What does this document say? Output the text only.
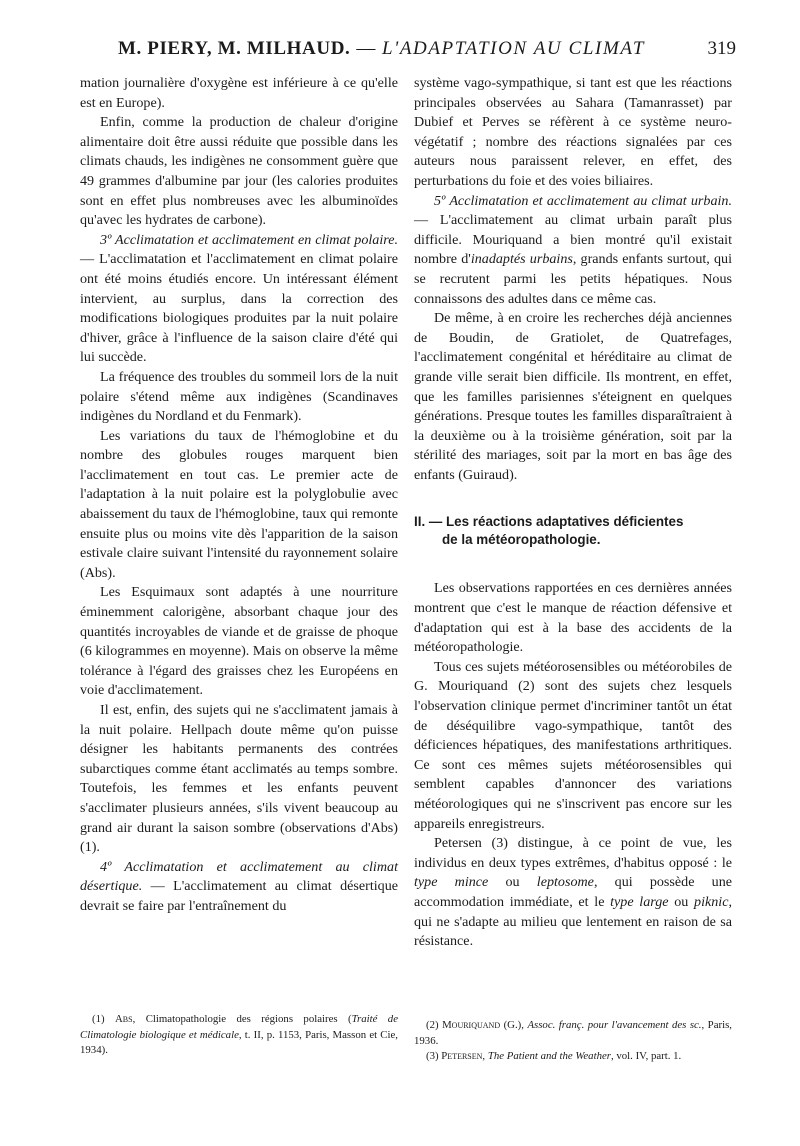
M. PIERY, M. MILHAUD. — L'ADAPTATION AU CLIMAT	319

mation journalière d'oxygène est inférieure à ce qu'elle est en Europe).

Enfin, comme la production de chaleur d'origine alimentaire doit être aussi réduite que possible dans les climats chauds, les indigènes ne consomment guère que 49 grammes d'albumine par jour (les calories produites sont en effet plus nombreuses avec les albuminoïdes qu'avec les hydrates de carbone).

3º Acclimatation et acclimatement en climat polaire. — L'acclimatation et l'acclimatement en climat polaire ont été moins étudiés encore. Un intéressant élément intervient, au surplus, dans la correction des modifications biologiques produites par la nuit polaire d'hiver, grâce à l'influence de la saison claire d'été qui lui succède.

La fréquence des troubles du sommeil lors de la nuit polaire s'étend même aux indigènes (Scandinaves indigènes du Nordland et du Fenmark).

Les variations du taux de l'hémoglobine et du nombre des globules rouges marquent bien l'acclimatement en tout cas. Le premier acte de l'adaptation à la nuit polaire est la polyglobulie avec abaissement du taux de l'hémoglobine, taux qui remonte ensuite plus ou moins vite dès l'apparition de la saison estivale claire suivant l'intensité du rayonnement solaire (Abs).

Les Esquimaux sont adaptés à une nourriture éminemment calorigène, absorbant chaque jour des quantités incroyables de viande et de graisse de phoque (6 kilogrammes en moyenne). Mais on observe la même tolérance à l'égard des graisses chez les Européens en voie d'acclimatement.

Il est, enfin, des sujets qui ne s'acclimatent jamais à la nuit polaire. Hellpach doute même qu'on puisse désigner les habitants permanents des contrées subarctiques comme étant acclimatés au temps sombre. Toutefois, les femmes et les enfants peuvent s'acclimater plusieurs années, s'ils vivent beaucoup au grand air durant la saison sombre (observations d'Abs) (1).

4º Acclimatation et acclimatement au climat désertique. — L'acclimatement au climat désertique devrait se faire par l'entraînement du

système vago-sympathique, si tant est que les réactions principales observées au Sahara (Tamanrasset) par Dubief et Perves se réfèrent à ce système neuro-végétatif ; nombre des réactions signalées par ces auteurs nous paraissent relever, en effet, des perturbations du foie et des voies biliaires.

5º Acclimatation et acclimatement au climat urbain. — L'acclimatement au climat urbain paraît plus difficile. Mouriquand a bien montré qu'il existait nombre d'inadaptés urbains, grands enfants surtout, qui se recrutent parmi les petits hépatiques. Nous connaissons des adultes dans ce même cas.

De même, à en croire les recherches déjà anciennes de Boudin, de Gratiolet, de Quatrefages, l'acclimatement congénital et héréditaire au climat de grande ville serait bien difficile. Ils montrent, en effet, que les familles parisiennes s'éteignent en quelques générations. Presque toutes les familles disparaîtraient à la deuxième ou à la troisième génération, soit par la stérilité des mariages, soit par la mort en bas âge des enfants (Guiraud).

II. — Les réactions adaptatives déficientes
de la météoropathologie.

Les observations rapportées en ces dernières années montrent que c'est le manque de réaction défensive et d'adaptation qui est à la base des accidents de la météoropathologie.

Tous ces sujets météorosensibles ou météorobiles de G. Mouriquand (2) sont des sujets chez lesquels l'observation clinique permet d'incriminer tantôt un état de déséquilibre vago-sympathique, tantôt des déficiences hépatiques, des manifestations arthritiques. Ce sont ces mêmes sujets météorosensibles qui semblent capables d'annoncer des variations météorologiques qui ne s'inscrivent pas encore sur les appareils enregistreurs.

Petersen (3) distingue, à ce point de vue, les individus en deux types extrêmes, d'habitus opposé : le type mince ou leptosome, qui possède une accommodation immédiate, et le type large ou piknic, qui ne s'adapte au milieu que lentement en raison de sa résistance.

(1) Abs, Climatopathologie des régions polaires (Traité de Climatologie biologique et médicale, t. II, p. 1153, Paris, Masson et Cie, 1934).

(2) Mouriquand (G.), Assoc. franç. pour l'avancement des sc., Paris, 1936.

(3) Petersen, The Patient and the Weather, vol. IV, part. 1.
